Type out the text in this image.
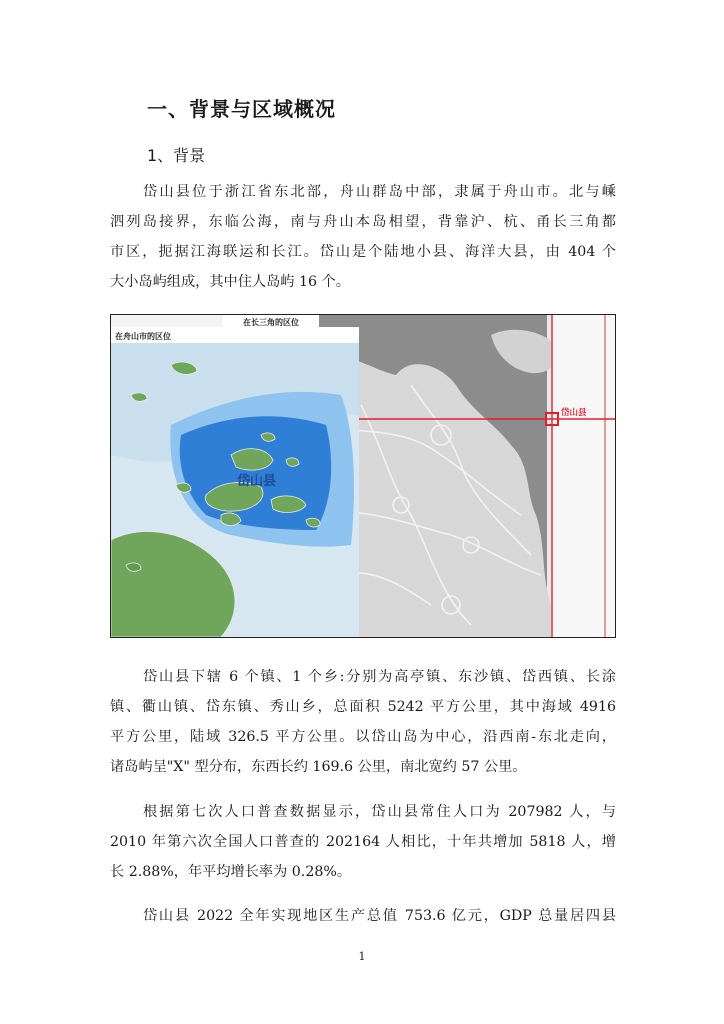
一、背景与区域概况
1、背景
岱山县位于浙江省东北部，舟山群岛中部，隶属于舟山市。北与嵊
泗列岛接界，东临公海，南与舟山本岛相望，背靠沪、杭、甬长三角都
市区，扼据江海联运和长江。岱山是个陆地小县、海洋大县，由 404 个
大小岛屿组成，其中住人岛屿 16 个。
在长三角的区位
在舟山市的区位
岱山县
岱山县
岱山县下辖 6 个镇、1 个乡:分别为高亭镇、东沙镇、岱西镇、长涂
镇、衢山镇、岱东镇、秀山乡，总面积 5242 平方公里，其中海域 4916
平方公里，陆域 326.5 平方公里。以岱山岛为中心，沿西南-东北走向，
诸岛屿呈"X" 型分布，东西长约 169.6 公里，南北宽约 57 公里。
根据第七次人口普查数据显示，岱山县常住人口为 207982 人，与
2010 年第六次全国人口普查的 202164 人相比，十年共增加 5818 人，增
长 2.88%，年平均增长率为 0.28%。
岱山县 2022 全年实现地区生产总值 753.6 亿元，GDP 总量居四县
1
